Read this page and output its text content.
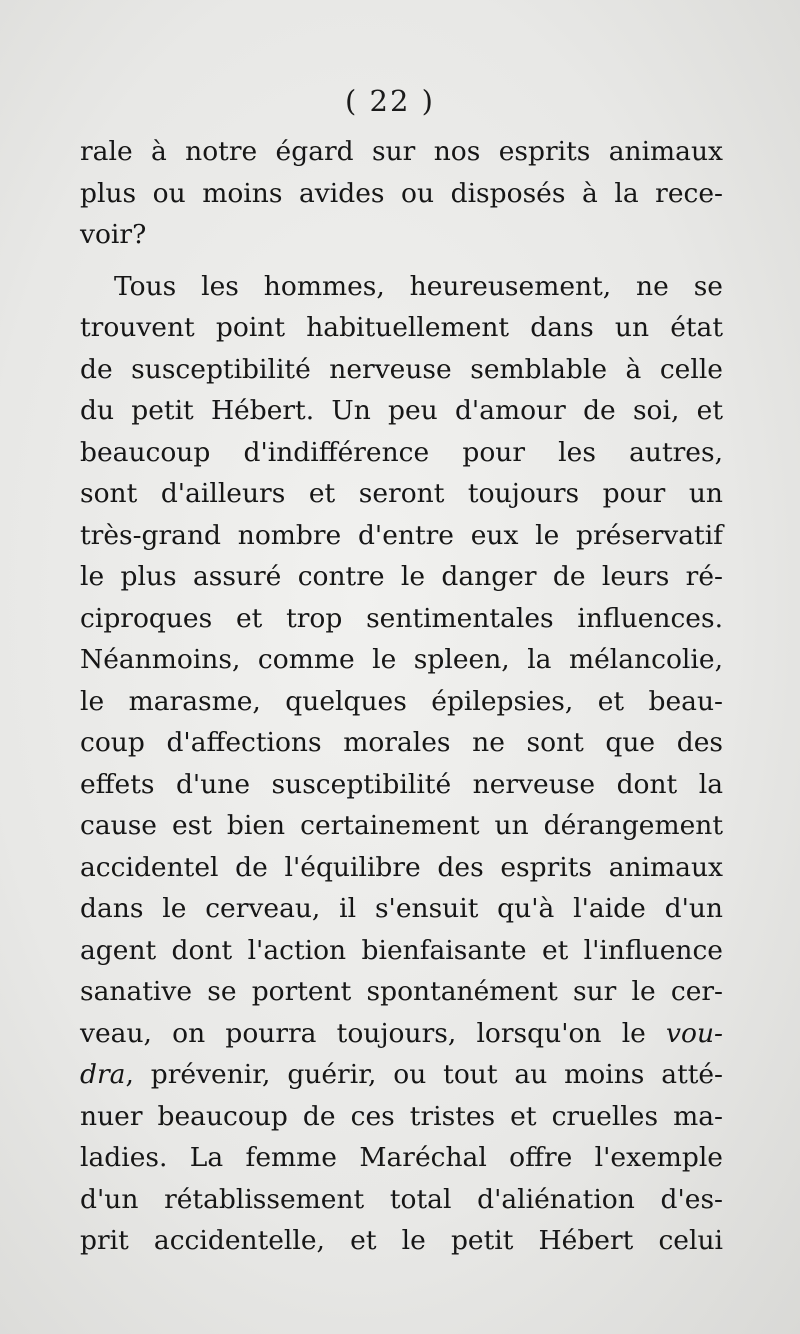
( 22 )
rale à notre égard sur nos esprits animaux
plus ou moins avides ou disposés à la rece-
voir?
Tous les hommes, heureusement, ne se
trouvent point habituellement dans un état
de susceptibilité nerveuse semblable à celle
du petit Hébert. Un peu d'amour de soi, et
beaucoup d'indifférence pour les autres,
sont d'ailleurs et seront toujours pour un
très-grand nombre d'entre eux le préservatif
le plus assuré contre le danger de leurs ré-
ciproques et trop sentimentales influences.
Néanmoins, comme le spleen, la mélancolie,
le marasme, quelques épilepsies, et beau-
coup d'affections morales ne sont que des
effets d'une susceptibilité nerveuse dont la
cause est bien certainement un dérangement
accidentel de l'équilibre des esprits animaux
dans le cerveau, il s'ensuit qu'à l'aide d'un
agent dont l'action bienfaisante et l'influence
sanative se portent spontanément sur le cer-
veau, on pourra toujours, lorsqu'on le vou-
dra, prévenir, guérir, ou tout au moins atté-
nuer beaucoup de ces tristes et cruelles ma-
ladies. La femme Maréchal offre l'exemple
d'un rétablissement total d'aliénation d'es-
prit accidentelle, et le petit Hébert celui
